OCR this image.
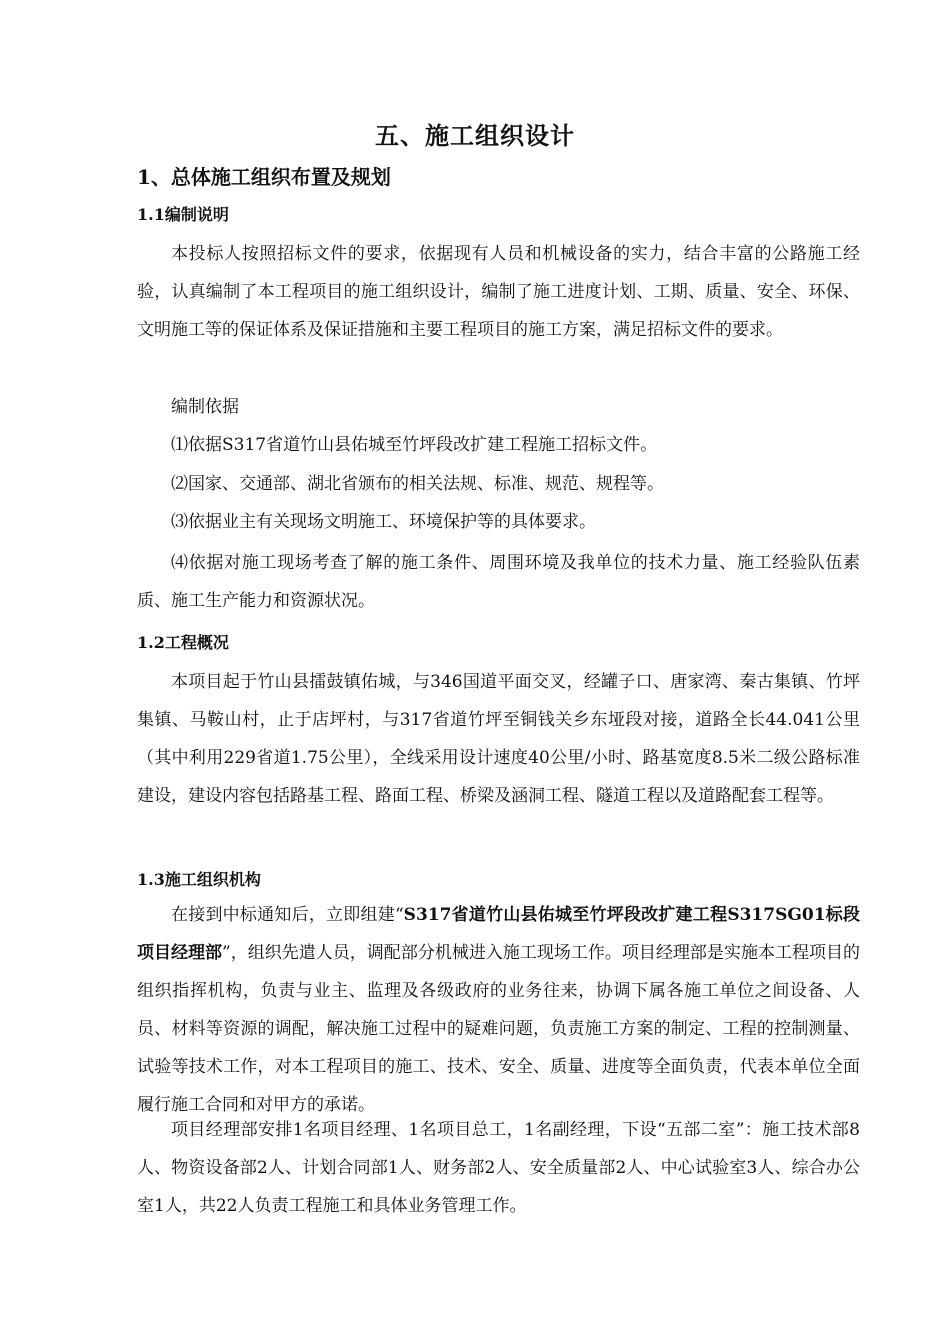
五、施工组织设计
1、总体施工组织布置及规划
1.1编制说明

本投标人按照招标文件的要求，依据现有人员和机械设备的实力，结合丰富的公路施工经验，认真编制了本工程项目的施工组织设计，编制了施工进度计划、工期、质量、安全、环保、文明施工等的保证体系及保证措施和主要工程项目的施工方案，满足招标文件的要求。

编制依据

⑴依据S317省道竹山县佑城至竹坪段改扩建工程施工招标文件。

⑵国家、交通部、湖北省颁布的相关法规、标准、规范、规程等。

⑶依据业主有关现场文明施工、环境保护等的具体要求。

⑷依据对施工现场考查了解的施工条件、周围环境及我单位的技术力量、施工经验队伍素质、施工生产能力和资源状况。

1.2工程概况

本项目起于竹山县擂鼓镇佑城，与346国道平面交叉，经罐子口、唐家湾、秦古集镇、竹坪集镇、马鞍山村，止于店坪村，与317省道竹坪至铜钱关乡东垭段对接，道路全长44.041公里（其中利用229省道1.75公里），全线采用设计速度40公里/小时、路基宽度8.5米二级公路标准建设，建设内容包括路基工程、路面工程、桥梁及涵洞工程、隧道工程以及道路配套工程等。

1.3施工组织机构

在接到中标通知后，立即组建“S317省道竹山县佑城至竹坪段改扩建工程S317SG01标段项目经理部”，组织先遣人员，调配部分机械进入施工现场工作。项目经理部是实施本工程项目的组织指挥机构，负责与业主、监理及各级政府的业务往来，协调下属各施工单位之间设备、人员、材料等资源的调配，解决施工过程中的疑难问题，负责施工方案的制定、工程的控制测量、试验等技术工作，对本工程项目的施工、技术、安全、质量、进度等全面负责，代表本单位全面履行施工合同和对甲方的承诺。

项目经理部安排1名项目经理、1名项目总工，1名副经理，下设“五部二室”：施工技术部8人、物资设备部2人、计划合同部1人、财务部2人、安全质量部2人、中心试验室3人、综合办公室1人，共22人负责工程施工和具体业务管理工作。
